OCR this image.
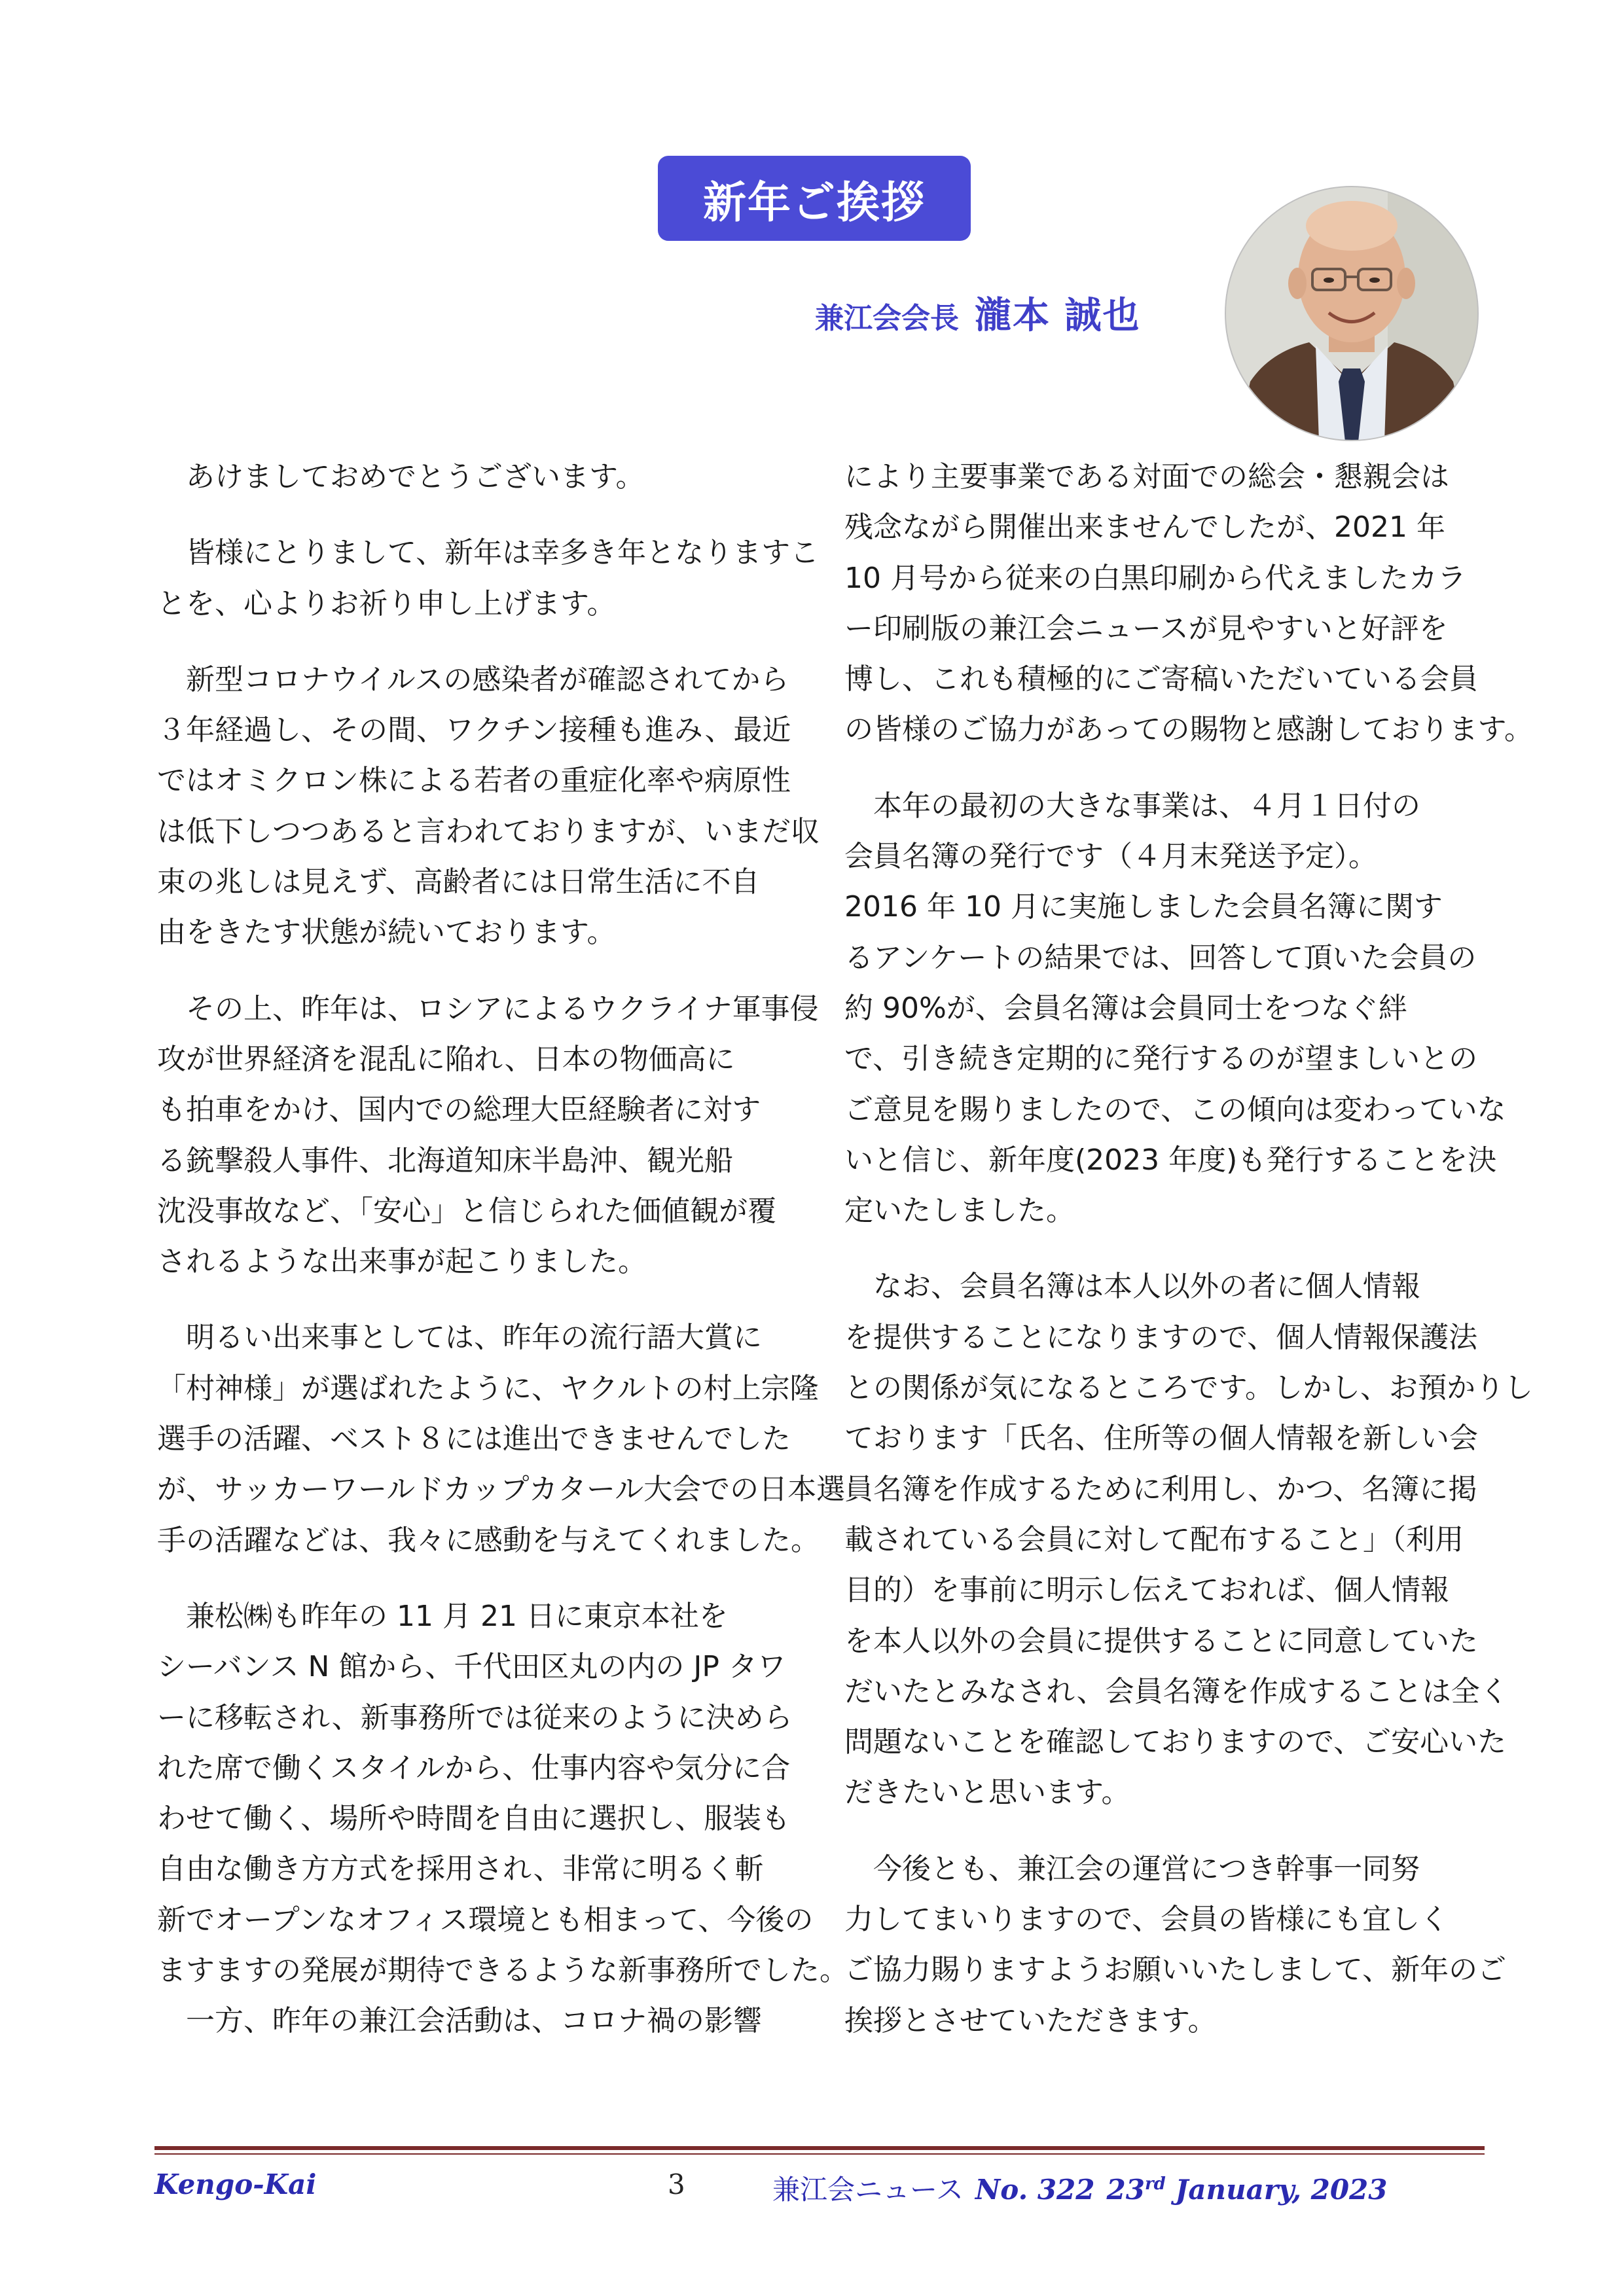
新年ご挨拶
兼江会会長 瀧本 誠也

あけましておめでとうございます。

皆様にとりまして、新年は幸多き年となりますこ
とを、心よりお祈り申し上げます。

新型コロナウイルスの感染者が確認されてから
３年経過し、その間、ワクチン接種も進み、最近
ではオミクロン株による若者の重症化率や病原性
は低下しつつあると言われておりますが、いまだ収
束の兆しは見えず、高齢者には日常生活に不自
由をきたす状態が続いております。

その上、昨年は、ロシアによるウクライナ軍事侵
攻が世界経済を混乱に陥れ、日本の物価高に
も拍車をかけ、国内での総理大臣経験者に対す
る銃撃殺人事件、北海道知床半島沖、観光船
沈没事故など、「安心」と信じられた価値観が覆
されるような出来事が起こりました。

明るい出来事としては、昨年の流行語大賞に
「村神様」が選ばれたように、ヤクルトの村上宗隆
選手の活躍、ベスト８には進出できませんでした
が、サッカーワールドカップカタール大会での日本選
手の活躍などは、我々に感動を与えてくれました。

兼松㈱も昨年の 11 月 21 日に東京本社を
シーバンス N 館から、千代田区丸の内の JP タワ
ーに移転され、新事務所では従来のように決めら
れた席で働くスタイルから、仕事内容や気分に合
わせて働く、場所や時間を自由に選択し、服装も
自由な働き方方式を採用され、非常に明るく斬
新でオープンなオフィス環境とも相まって、今後の
ますますの発展が期待できるような新事務所でした。

一方、昨年の兼江会活動は、コロナ禍の影響

により主要事業である対面での総会・懇親会は
残念ながら開催出来ませんでしたが、2021 年
10 月号から従来の白黒印刷から代えましたカラ
ー印刷版の兼江会ニュースが見やすいと好評を
博し、これも積極的にご寄稿いただいている会員
の皆様のご協力があっての賜物と感謝しております。

本年の最初の大きな事業は、４月１日付の
会員名簿の発行です（４月末発送予定）。
2016 年 10 月に実施しました会員名簿に関す
るアンケートの結果では、回答して頂いた会員の
約 90%が、会員名簿は会員同士をつなぐ絆
で、引き続き定期的に発行するのが望ましいとの
ご意見を賜りましたので、この傾向は変わっていな
いと信じ、新年度(2023 年度)も発行することを決
定いたしました。

なお、会員名簿は本人以外の者に個人情報
を提供することになりますので、個人情報保護法
との関係が気になるところです。しかし、お預かりし
ております「氏名、住所等の個人情報を新しい会
員名簿を作成するために利用し、かつ、名簿に掲
載されている会員に対して配布すること」（利用
目的）を事前に明示し伝えておれば、個人情報
を本人以外の会員に提供することに同意していた
だいたとみなされ、会員名簿を作成することは全く
問題ないことを確認しておりますので、ご安心いた
だきたいと思います。

今後とも、兼江会の運営につき幹事一同努
力してまいりますので、会員の皆様にも宜しく
ご協力賜りますようお願いいたしまして、新年のご
挨拶とさせていただきます。

Kengo-Kai	3	兼江会ニュース No. 322 23rd January, 2023
